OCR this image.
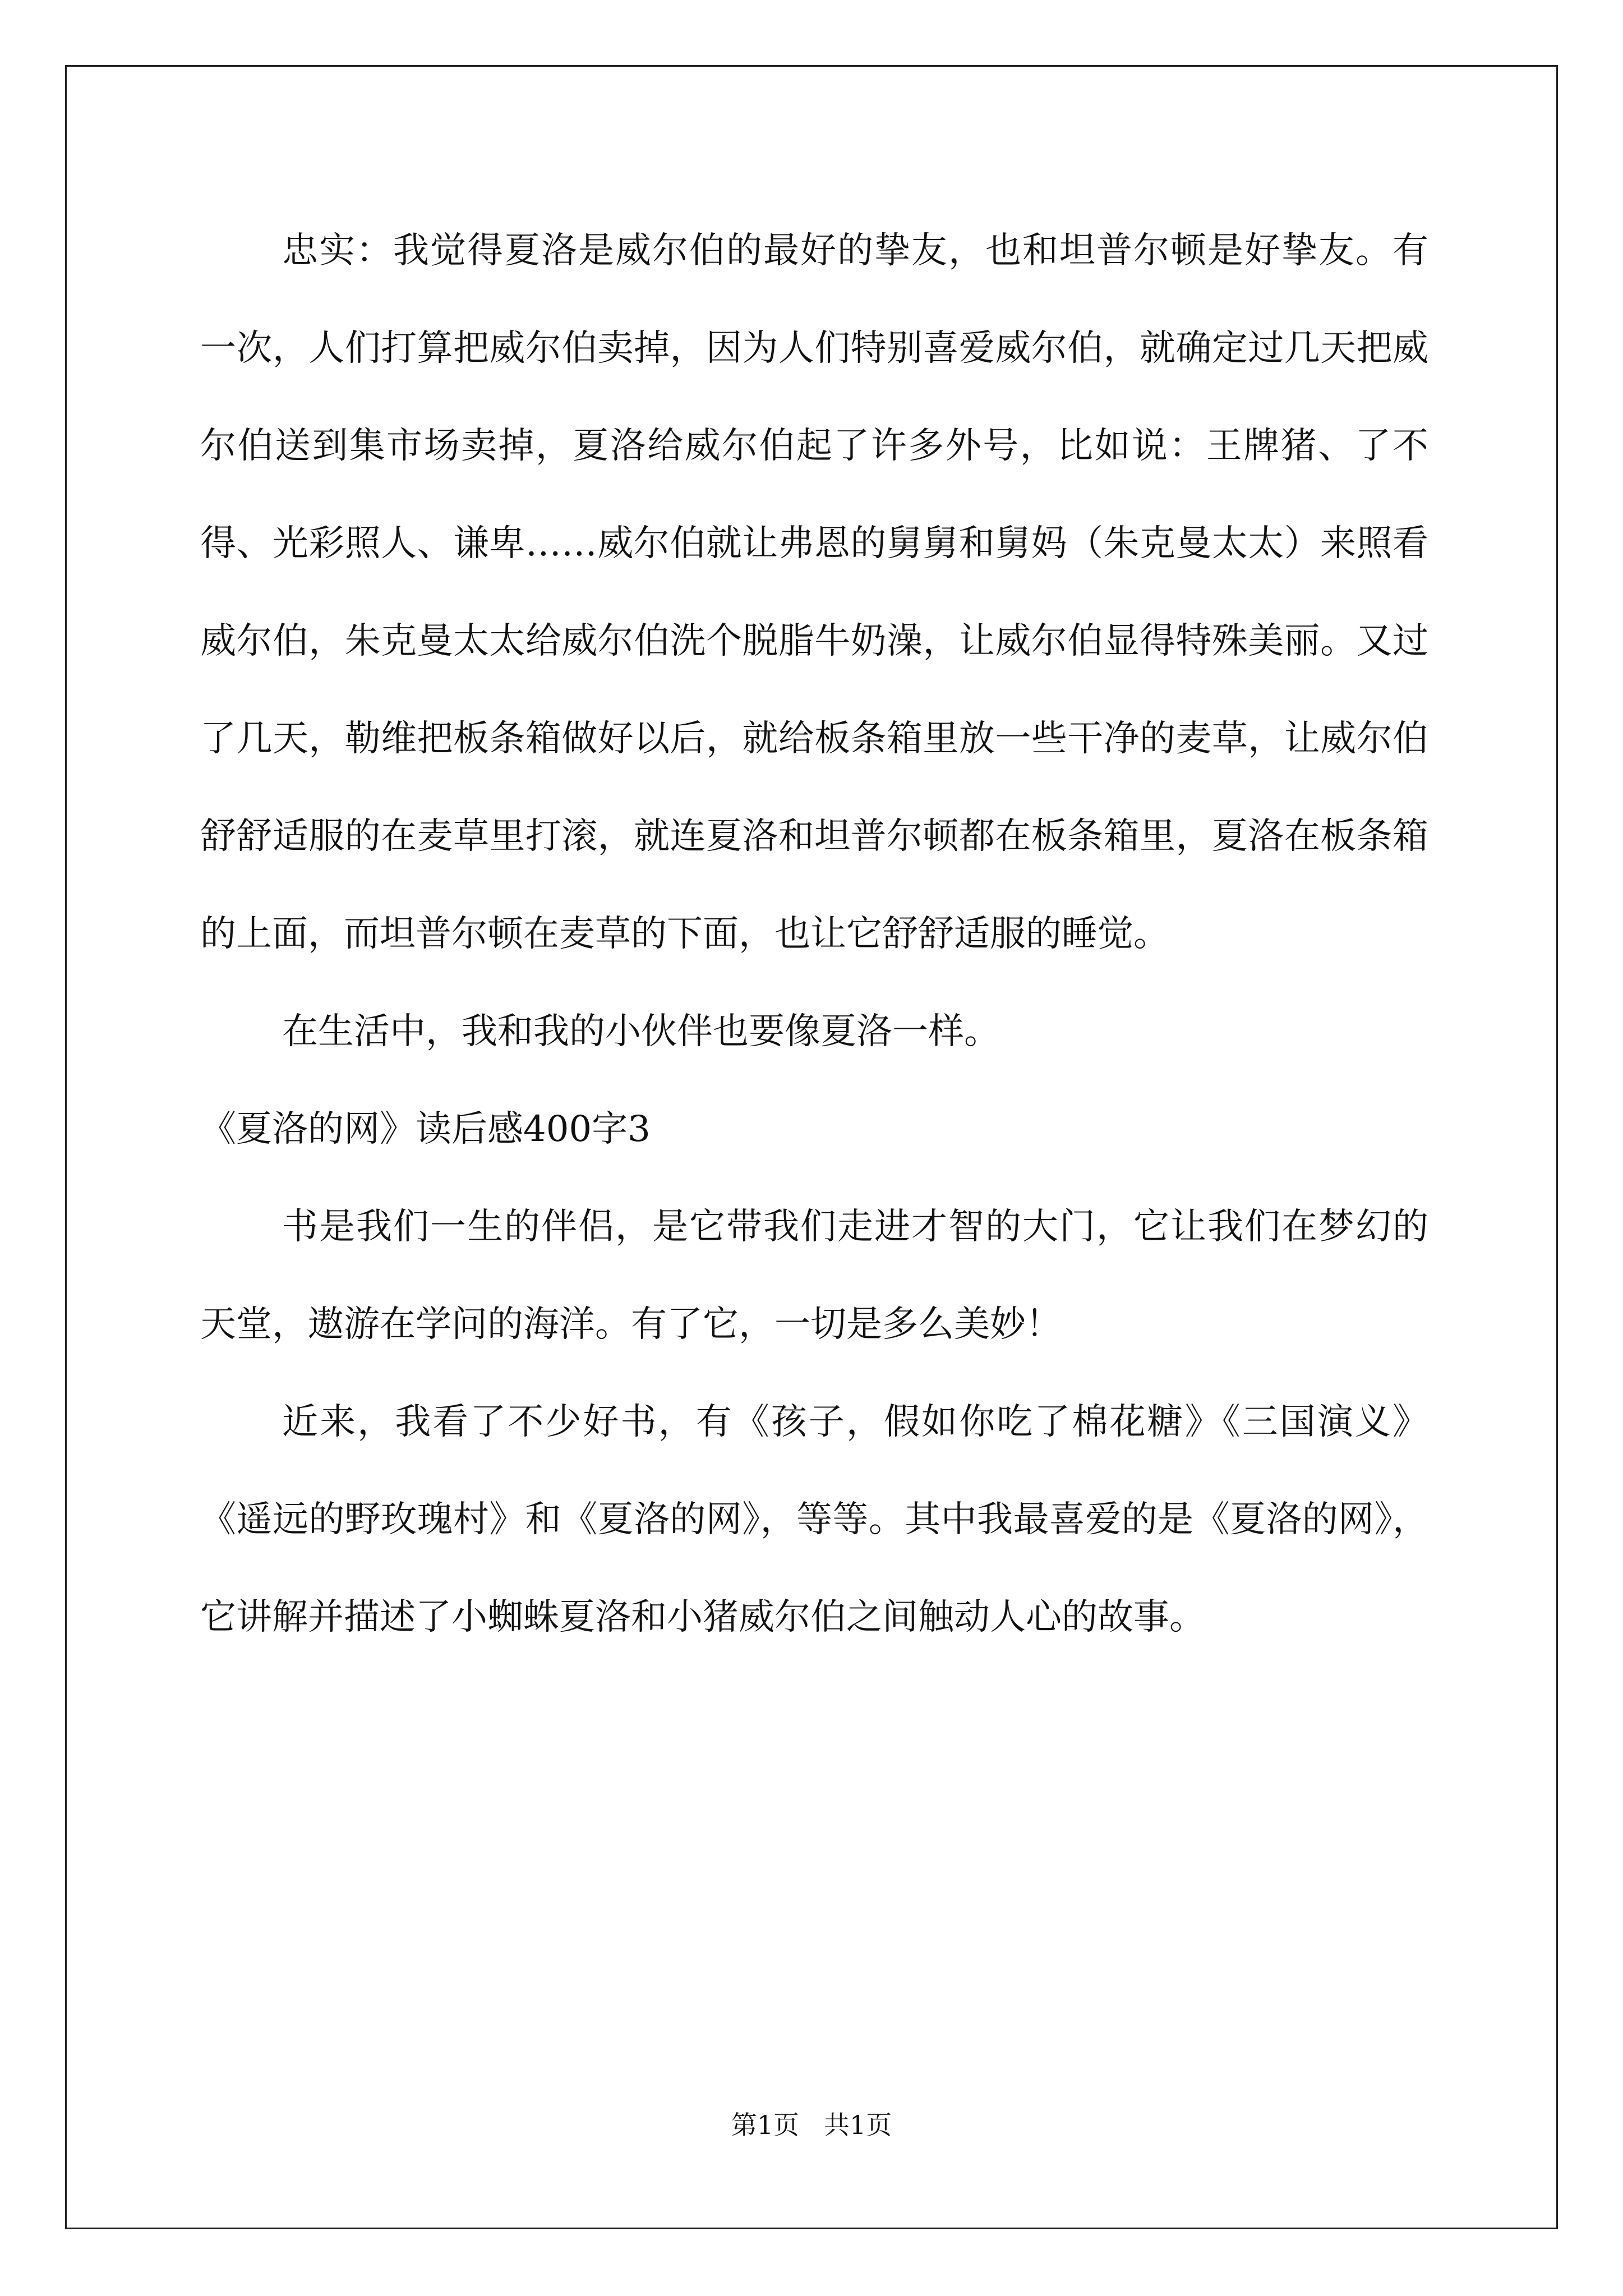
忠实：我觉得夏洛是威尔伯的最好的挚友，也和坦普尔顿是好挚友。有一次，人们打算把威尔伯卖掉，因为人们特别喜爱威尔伯，就确定过几天把威尔伯送到集市场卖掉，夏洛给威尔伯起了许多外号，比如说：王牌猪、了不得、光彩照人、谦卑……威尔伯就让弗恩的舅舅和舅妈（朱克曼太太）来照看威尔伯，朱克曼太太给威尔伯洗个脱脂牛奶澡，让威尔伯显得特殊美丽。又过了几天，勒维把板条箱做好以后，就给板条箱里放一些干净的麦草，让威尔伯舒舒适服的在麦草里打滚，就连夏洛和坦普尔顿都在板条箱里，夏洛在板条箱的上面，而坦普尔顿在麦草的下面，也让它舒舒适服的睡觉。

在生活中，我和我的小伙伴也要像夏洛一样。

《夏洛的网》读后感400字3

书是我们一生的伴侣，是它带我们走进才智的大门，它让我们在梦幻的天堂，遨游在学问的海洋。有了它，一切是多么美妙！

近来，我看了不少好书，有《孩子，假如你吃了棉花糖》《三国演义》《遥远的野玫瑰村》和《夏洛的网》，等等。其中我最喜爱的是《夏洛的网》，它讲解并描述了小蜘蛛夏洛和小猪威尔伯之间触动人心的故事。

第1页 共1页
